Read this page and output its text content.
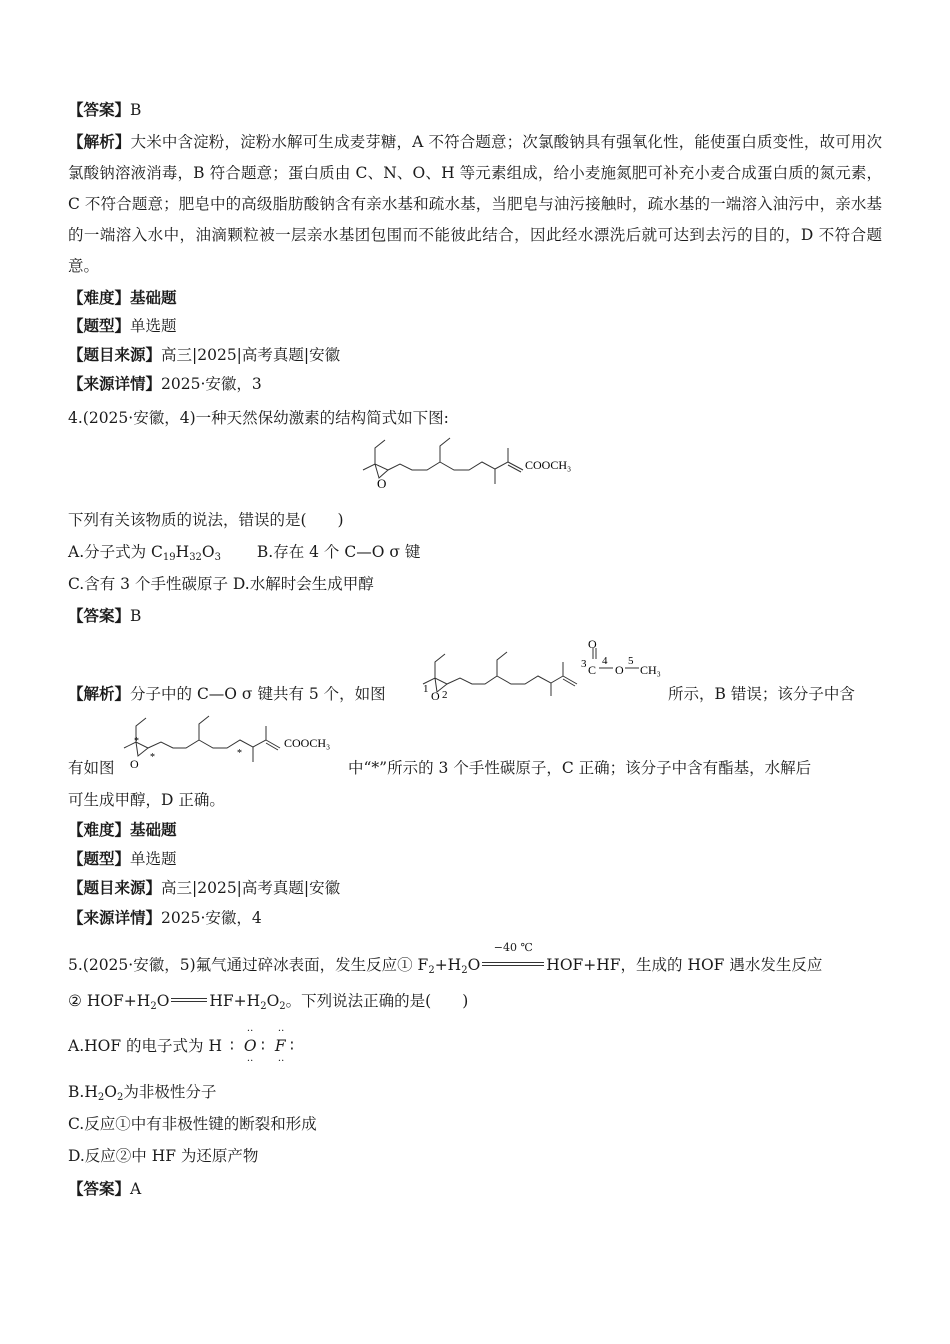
【答案】B
【解析】大米中含淀粉，淀粉水解可生成麦芽糖，A 不符合题意；次氯酸钠具有强氧化性，能使蛋白质变性，故可用次氯酸钠溶液消毒，B 符合题意；蛋白质由 C、N、O、H 等元素组成，给小麦施氮肥可补充小麦合成蛋白质的氮元素，C 不符合题意；肥皂中的高级脂肪酸钠含有亲水基和疏水基，当肥皂与油污接触时，疏水基的一端溶入油污中，亲水基的一端溶入水中，油滴颗粒被一层亲水基团包围而不能彼此结合，因此经水漂洗后就可达到去污的目的，D 不符合题意。
【难度】基础题
【题型】单选题
【题目来源】高三|2025|高考真题|安徽
【来源详情】2025·安徽，3
4.(2025·安徽，4)一种天然保幼激素的结构简式如下图:
O
COOCH₃
下列有关该物质的说法，错误的是(　　)
A.分子式为 $C_{19}H_{32}O_3$ B.存在 4 个 C—O σ 键
C.含有 3 个手性碳原子 D.水解时会生成甲醇
【答案】B
【解析】分子中的 C—O σ 键共有 5 个，如图
O
3 C
4
O
5
CH₃
1 O 2	所示，B 错误；该分子中含
有如图
*
*	*
O
COOCH₃
中“*”所示的 3 个手性碳原子，C 正确；该分子中含有酯基，水解后
可生成甲醇，D 正确。
【难度】基础题
【题型】单选题
【题目来源】高三|2025|高考真题|安徽
【来源详情】2025·安徽，4
5.(2025·安徽，5)氟气通过碎冰表面，发生反应① $F_2+H_2O$
−40 ℃
HOF+HF，生成的 HOF 遇水发生反应
② $HOF+H_2O$	$HF+H_2O_2$。下列说法正确的是(　　)
A.HOF 的电子式为 H ∶
··
O
··
∶
··
F
··
∶
$B.H_2O_2$为非极性分子
C.反应①中有非极性键的断裂和形成
D.反应②中 HF 为还原产物
【答案】A
